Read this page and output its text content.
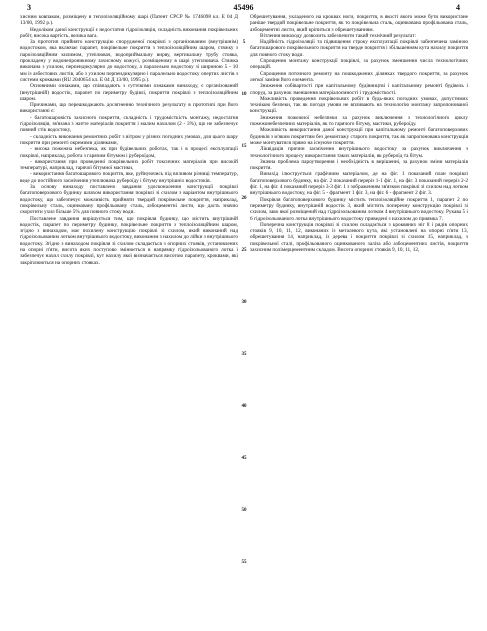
3	45496	4

хисним ковпаком, розміщену в теплоізоляційному шарі (Патент СРСР № 1746098 кл. Е 04 Д 13/00, 1992 р.).

Недоліком даної конструкції є недостатня гідроізоляція, складність виконання покрівельних робіт, висока вартість, велика вага.

За прототип прийнято конструкцію спорудженої покрівлі з організованим (внутрішнім) водостоком, яка включає парапет, покрівельне покриття з теплоізоляційним шаром, стяжку з пароізоляційним килимом, утеплювач, водоприймальну вирву, вертикальну трубу стояка, прокладену у водонепроникному захисному кожусі, розміщеному в шарі утеплювача. Стяжка виконана з ухилом, перпендикулярно до водостоку, а паралельно водостоку зі шириною 5 - 10 мм із азбестових листів, або з ухилом перпендикулярно і паралельно водостоку опертих листів з системи кроквами (RU 2040654 кл. Е 04 Д 13/00, 1995 р.).

Основними ознаками, що співпадають з суттєвими ознаками винаходу, є організований (внутрішній) водостік, парапет по периметру будівлі, покриття покрівлі з теплоізоляційним шаром.

Причинами, що перешкоджають досягненню технічного результату в прототипі при його використанні є:

- багатошаровість захисного покриття, складність і трудомісткість монтажу, недостатня гідроізоляція, зв'язана з житте матеріалів покриття і малим нахилом (2 - 3%), що не забезпечує повний стік водостоку,

- складність виконання ремонтних робіт з вітром у різних погодних умовах, для цього шару покриття при ремонті окремими ділянками,

- висока пожежна небезпека, як при будівельних роботах, так і в процесі експлуатації покрівлі, наприклад, робота з гарячим бітумом і рубероїдом,

- використання при проведенні покрівельних робіт токсичних матеріалів при високій температурі, наприклад, гарячої бітумної мастики,

- використання багатошарового покриття, яке, руйнуючись під впливом різниці температур, веде до постійного засмічення утеплювача рубероїду і бітуму внутрішніх водостоків.

За основу винаходу поставлено завдання удосконалення конструкції покрівлі багатоповерхового будинку шляхом використання покрівлі зі схилом з варіантом внутрішнього водостоку, що забезпечує можливість прийняти твердий покрівельне покриття, наприклад, покрівельну сталь, оцинковану профільовану сталь, азбоцементні листи, що дасть значно скоротити ухил більше 5% для повного стоку води.

Поставлене завдання вирішується тим, що покрівля будинку, що містить внутрішній водостік, парапет по периметру будинку, покрівельне покриття з теплоізоляційним шаром, згідно з винаходом, має похилену конструкцію покрівлі зі схилом, який виконаний над гідроізольованим лотком внутрішнього водостоку, виконаним з нахилом до лійки з внутрішнього водостоку. Згідно з винаходом покрівля зі схилом складається з опорних стояків, установлених на опорні п'яти, висота яких поступово змінюється в напрямку гідроізольованого лотка і забезпечує нахил схилу покрівлі, кут нахилу якої визначається висотою парапету, кроквами, які закріплюються на опорних стояках.

5
10
15
20
25
30
35
40
45
50
55

Обрешетування, укладеного на кроквах ноги, покриття, в якості якого може бути використане раніше твердий покрівельне покриття, як то покрівельна сталь, оцинкована профільована сталь, азбоцементні листи, який кріпиться з обрешетуванням.

Вітлення винаходу дозволить забезпечити такий технічний результат:

Надійність гідроізоляції та підвищення строку експлуатації покрівлі забезпечена заміною багатошарового покрівельного покриття на тверде покриття і збільшенням кута нахилу покриття для повного стоку води.

Спрощення монтажу конструкції покрівлі, за рахунок зменшення числа технологічних операцій.

Спрощення поточного ремонту на пошкоджених ділянках твердого покриття, за рахунок легкої заміни його елемента.

Зниження собівартості при капітальному будівництві і капітальному ремонті будівель і споруд, за рахунок зменшення матеріалоємності і трудомісткості.

Можливість проведення покрівельних робіт в будь-яких погодних умовах, допустимих технікою безпеки, так як погоди умови не впливають на технологію монтажу запропонованої конструкції.

Зниження пожежної небезпеки за рахунок виключення з технологічного циклу пожежонебезпечних матеріалів, як то гарячого бітуму, мастики, рубероїду.

Можливість використання даної конструкції при капітальному ремонті багатоповерхових будинків з м'яким покриттям без демонтажу старого покриття, так як запропонована конструкція може монтуватися прямо на існуюче покриття.

Ліквідація причин засмічення внутрішнього водостоку за рахунок виключення з технологічного процесу використання таких матеріалів, як рубероїд та бітум.

Значна проблема пароутворення і необхідність в вирішенні, за рахунок зміни матеріалів покриття.

Винахід ілюструється графічним матеріалом, де на фіг. 1 показаний план покрівлі багатоповерхового будинку, на фіг. 2 показаний переріз 1-1 фіг. 1, на фіг. 3 показаний переріз 2-2 фіг. 1, на фіг. 4 показаний переріз 3-3 фіг. 1 з зображенням зв'язком покрівлі зі схилом над лотком внутрішнього водостоку, на фіг. 5 - фрагмент 1 фіг. 3, на фіг. 6 - фрагмент 2 фіг. 3.

Покрівля багатоповерхового будинку містить теплоізоляційне покриття 1, парапет 2 по периметру будинку, внутрішній водостік 3, який містить поперечну конструкцію покрівлі зі схилом, заво якої розміщений над гідроізольованим лотком 4 внутрішнього водостоку. Рукава 5 і 6 гідроізольованого лотка внутрішнього водостоку приведені з нахилом до приямка 7.

Поперечна конструкція покрівлі зі схилом складається з кроквяних ніг 8 і рядів опорних стояків 9, 10, 11, 12, виконаних із металевого кута, які установлені на опорні п'яти 13, обрешетування 14, наприклад, із дерева і покриття покрівлі зі схилом 15, наприклад, з покрівельної сталі, профільованого оцинкованого заліза або азбоцементних листів, покриття захисним полімерцементним складом. Висота опорних стояків 9, 10, 11, 12,
